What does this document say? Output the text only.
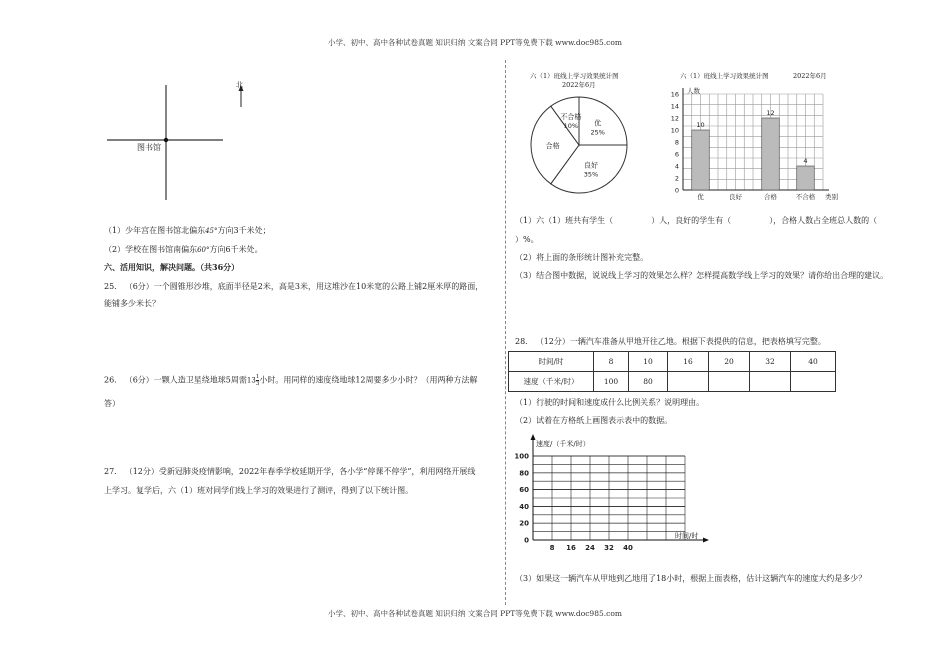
小学、初中、高中各种试卷真题 知识归纳 文案合同 PPT等免费下载 www.doc985.com
小学、初中、高中各种试卷真题 知识归纳 文案合同 PPT等免费下载 www.doc985.com
图书馆
北
（1）少年宫在图书馆北偏东45°方向3千米处；
（2）学校在图书馆南偏东60°方向6千米处。
六、活用知识，解决问题。（共36分）
25． （6分）一个圆锥形沙堆，底面半径是2米，高是3米，用这堆沙在10米宽的公路上铺2厘米厚的路面，
能铺多少米长？
26． （6分）一颗人造卫星绕地球5周需$13 \frac{1}{3}$ 小时。用同样的速度绕地球12周要多少小时？（用两种方法解
答）
27． （12分）受新冠肺炎疫情影响，2022年春季学校延期开学，各小学“停课不停学”，利用网络开展线
上学习。复学后，六（1）班对同学们线上学习的效果进行了测评，得到了以下统计图。
六（1）班线上学习效果统计图
2022年6月
优
25%
良好
35%
合格
不合格
10%
六（1）班线上学习效果统计图	2022年6月
0
2
4
6
8
10
12
14
16 人数
类别
优
10
良好	合格
12
不合格
4
（1）六（1）班共有学生（	）人，良好的学生有（	），合格人数占全班总人数的（
）%。
（2）将上面的条形统计图补充完整。
（3）结合图中数据，说说线上学习的效果怎么样？怎样提高数学线上学习的效果？请你给出合理的建议。
28． （12分）一辆汽车准备从甲地开往乙地。根据下表提供的信息，把表格填写完整。
时间/时	8	10	16	20	32	40
速度（千米/时）	100	80				
（1）行驶的时间和速度成什么比例关系？说明理由。
（2）试着在方格纸上画图表示表中的数据。
0
20
40
60
80
100
8 16 24 32 40
速度/（千米/时）
时间/时
（3）如果这一辆汽车从甲地到乙地用了18小时，根据上面表格，估计这辆汽车的速度大约是多少？
